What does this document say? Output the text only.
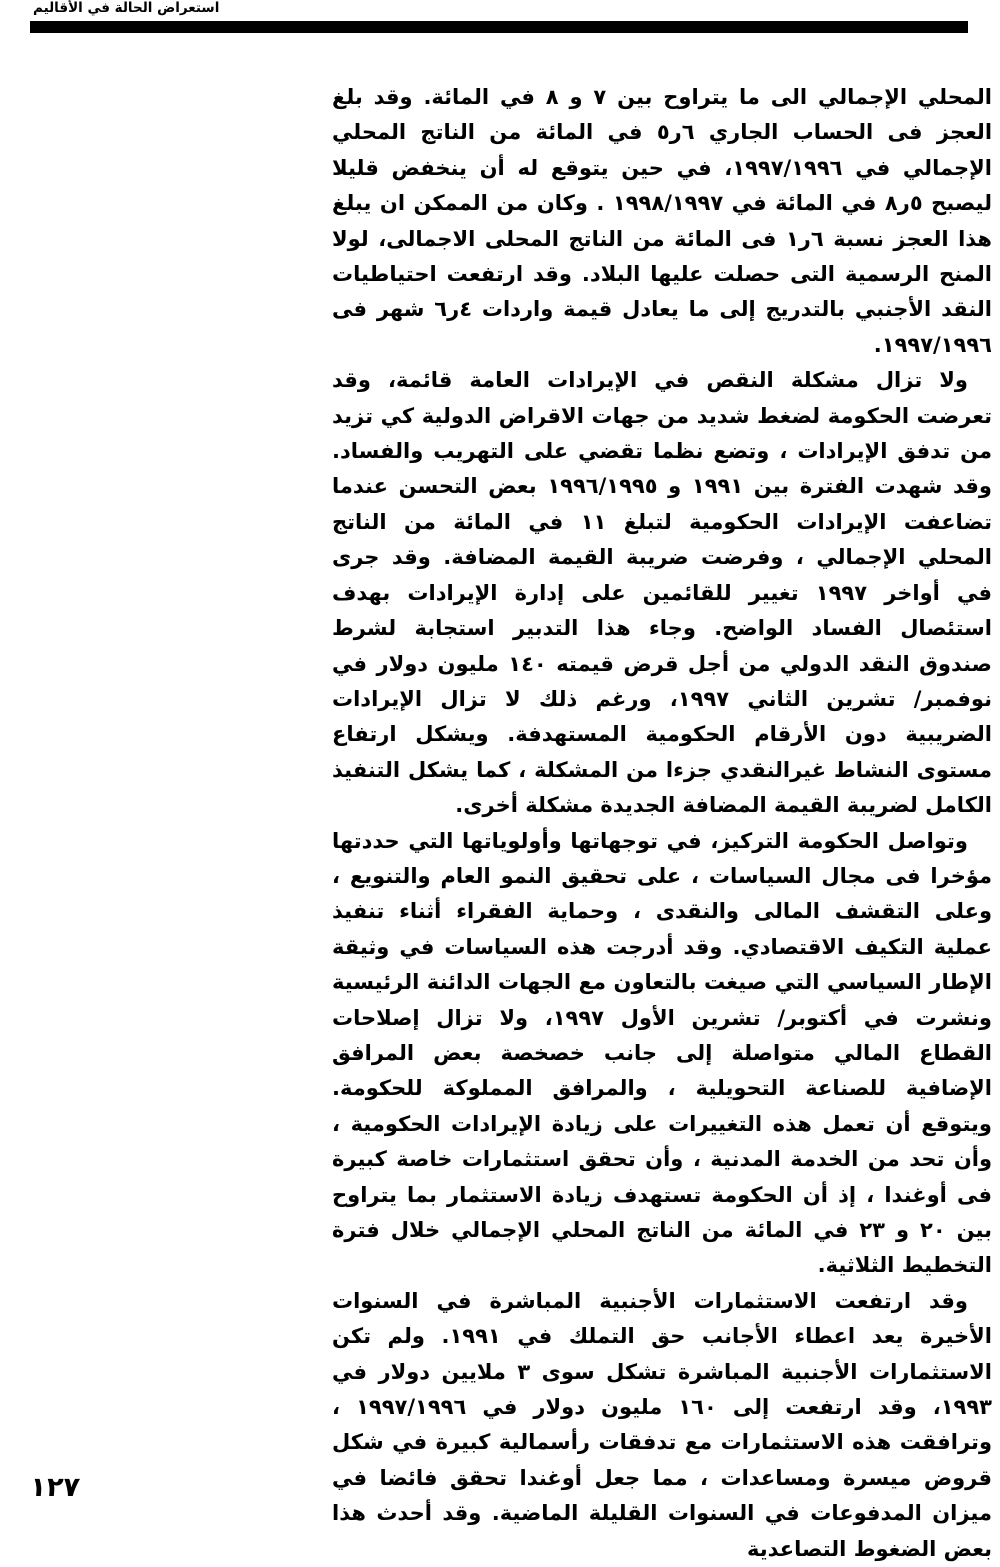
استعراض الحالة في الأقاليم

المحلي الإجمالي الى ما يتراوح بين ٧ و ٨ في المائة. وقد بلغ العجز فى الحساب الجاري ٦ر٥ في المائة من الناتج المحلي الإجمالي في ١٩٩٧/١٩٩٦، في حين يتوقع له أن ينخفض قليلا ليصبح ٥ر٨ في المائة في ١٩٩٨/١٩٩٧ . وكان من الممكن ان يبلغ هذا العجز نسبة ٦ر١ فى المائة من الناتج المحلى الاجمالى، لولا المنح الرسمية التى حصلت عليها البلاد. وقد ارتفعت احتياطيات النقد الأجنبي بالتدريج إلى ما يعادل قيمة واردات ٤ر٦ شهر فى ١٩٩٧/١٩٩٦.

ولا تزال مشكلة النقص في الإيرادات العامة قائمة، وقد تعرضت الحكومة لضغط شديد من جهات الاقراض الدولية كي تزيد من تدفق الإيرادات ، وتضع نظما تقضي على التهريب والفساد. وقد شهدت الفترة بين ١٩٩١ و ١٩٩٦/١٩٩٥ بعض التحسن عندما تضاعفت الإيرادات الحكومية لتبلغ ١١ في المائة من الناتج المحلي الإجمالي ، وفرضت ضريبة القيمة المضافة. وقد جرى في أواخر ١٩٩٧ تغيير للقائمين على إدارة الإيرادات بهدف استئصال الفساد الواضح. وجاء هذا التدبير استجابة لشرط صندوق النقد الدولي من أجل قرض قيمته ١٤٠ مليون دولار في نوفمبر/ تشرين الثاني ١٩٩٧، ورغم ذلك لا تزال الإيرادات الضريبية دون الأرقام الحكومية المستهدفة. ويشكل ارتفاع مستوى النشاط غيرالنقدي جزءا من المشكلة ، كما يشكل التنفيذ الكامل لضريبة القيمة المضافة الجديدة مشكلة أخرى.

وتواصل الحكومة التركيز، في توجهاتها وأولوياتها التي حددتها مؤخرا فى مجال السياسات ، على تحقيق النمو العام والتنويع ، وعلى التقشف المالى والنقدى ، وحماية الفقراء أثناء تنفيذ عملية التكيف الاقتصادي. وقد أدرجت هذه السياسات في وثيقة الإطار السياسي التي صيغت بالتعاون مع الجهات الدائنة الرئيسية ونشرت في أكتوبر/ تشرين الأول ١٩٩٧، ولا تزال إصلاحات القطاع المالي متواصلة إلى جانب خصخصة بعض المرافق الإضافية للصناعة التحويلية ، والمرافق المملوكة للحكومة. ويتوقع أن تعمل هذه التغييرات على زيادة الإيرادات الحكومية ، وأن تحد من الخدمة المدنية ، وأن تحقق استثمارات خاصة كبيرة فى أوغندا ، إذ أن الحكومة تستهدف زيادة الاستثمار بما يتراوح بين ٢٠ و ٢٣ في المائة من الناتج المحلي الإجمالي خلال فترة التخطيط الثلاثية.

وقد ارتفعت الاستثمارات الأجنبية المباشرة في السنوات الأخيرة يعد اعطاء الأجانب حق التملك في ١٩٩١. ولم تكن الاستثمارات الأجنبية المباشرة تشكل سوى ٣ ملايين دولار في ١٩٩٣، وقد ارتفعت إلى ١٦٠ مليون دولار في ١٩٩٧/١٩٩٦ ، وترافقت هذه الاستثمارات مع تدفقات رأسمالية كبيرة في شكل قروض ميسرة ومساعدات ، مما جعل أوغندا تحقق فائضا في ميزان المدفوعات في السنوات القليلة الماضية. وقد أحدث هذا بعض الضغوط التصاعدية

١٢٧
